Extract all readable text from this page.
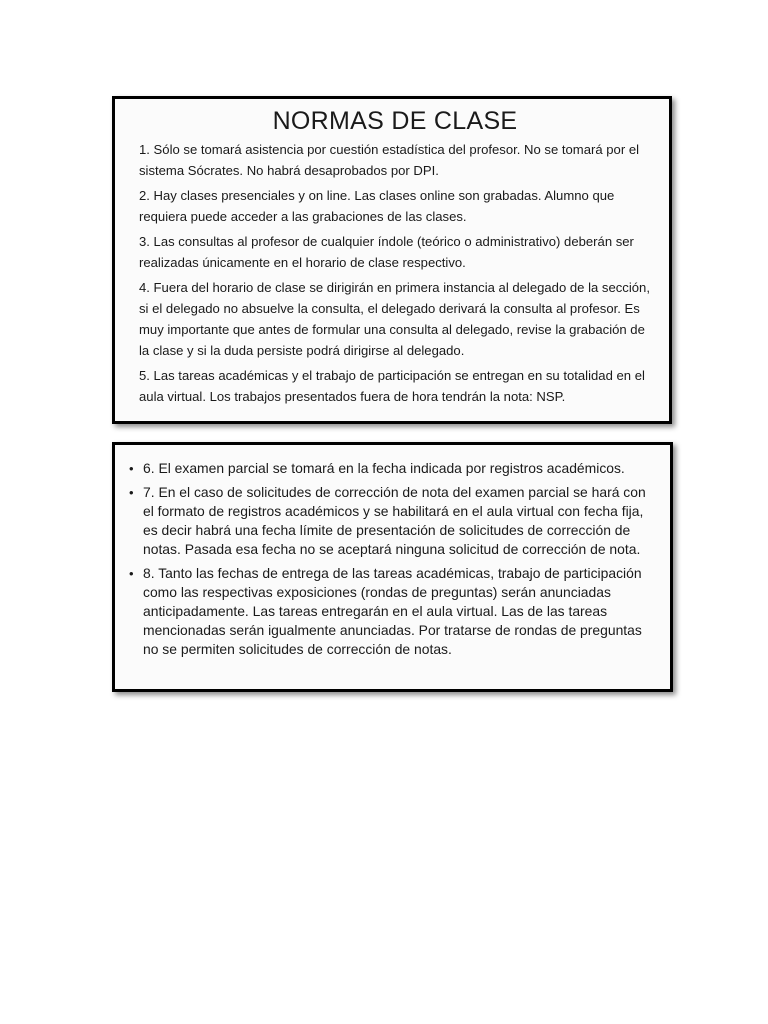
NORMAS DE CLASE

1. Sólo se tomará asistencia por cuestión estadística del profesor. No se tomará por el sistema Sócrates. No habrá desaprobados por DPI.

2. Hay clases presenciales y on line. Las clases online son grabadas. Alumno que requiera puede acceder a las grabaciones de las clases.

3. Las consultas al profesor de cualquier índole (teórico o administrativo) deberán ser realizadas únicamente en el horario de clase respectivo.

4. Fuera del horario de clase se dirigirán en primera instancia al delegado de la sección, si el delegado no absuelve la consulta, el delegado derivará la consulta al profesor. Es muy importante que antes de formular una consulta al delegado, revise la grabación de la clase y si la duda persiste podrá dirigirse al delegado.

5. Las tareas académicas y el trabajo de participación se entregan en su totalidad en el aula virtual. Los trabajos presentados fuera de hora tendrán la nota: NSP.

• 6. El examen parcial se tomará en la fecha indicada por registros académicos.
• 7. En el caso de solicitudes de corrección de nota del examen parcial se hará con el formato de registros académicos y se habilitará en el aula virtual con fecha fija, es decir habrá una fecha límite de presentación de solicitudes de corrección de notas. Pasada esa fecha no se aceptará ninguna solicitud de corrección de nota.
• 8. Tanto las fechas de entrega de las tareas académicas, trabajo de participación como las respectivas exposiciones (rondas de preguntas) serán anunciadas anticipadamente. Las tareas entregarán en el aula virtual. Las de las tareas mencionadas serán igualmente anunciadas. Por tratarse de rondas de preguntas no se permiten solicitudes de corrección de notas.
